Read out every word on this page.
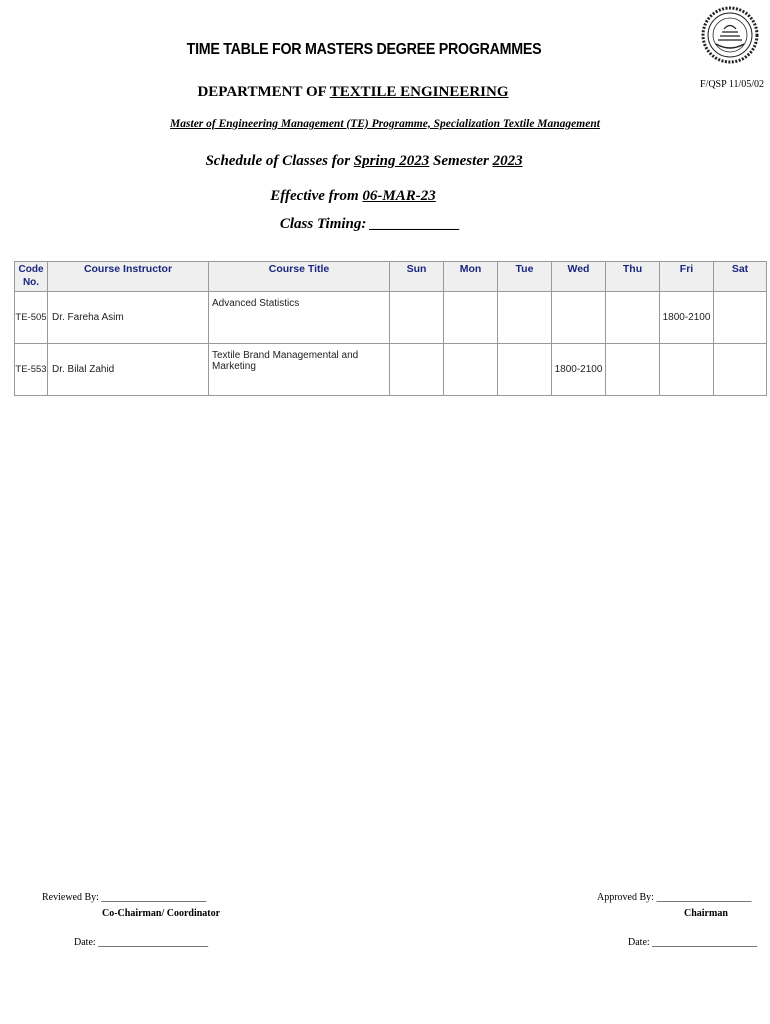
TIME TABLE FOR MASTERS DEGREE PROGRAMMES
F/QSP 11/05/02
DEPARTMENT OF TEXTILE ENGINEERING
Master of Engineering Management (TE) Programme, Specialization Textile Management
Schedule of Classes for Spring 2023 Semester 2023
Effective from 06-MAR-23
Class Timing: ____________
Code No.	Course Instructor	Course Title	Sun	Mon	Tue	Wed	Thu	Fri	Sat
TE-505	Dr. Fareha Asim	Advanced Statistics						1800-2100	
TE-553	Dr. Bilal Zahid	Textile Brand Managemental and Marketing				1800-2100			
Reviewed By: _____________________
Co-Chairman/ Coordinator
Date: ______________________
Approved By: ___________________
Chairman
Date: _____________________
